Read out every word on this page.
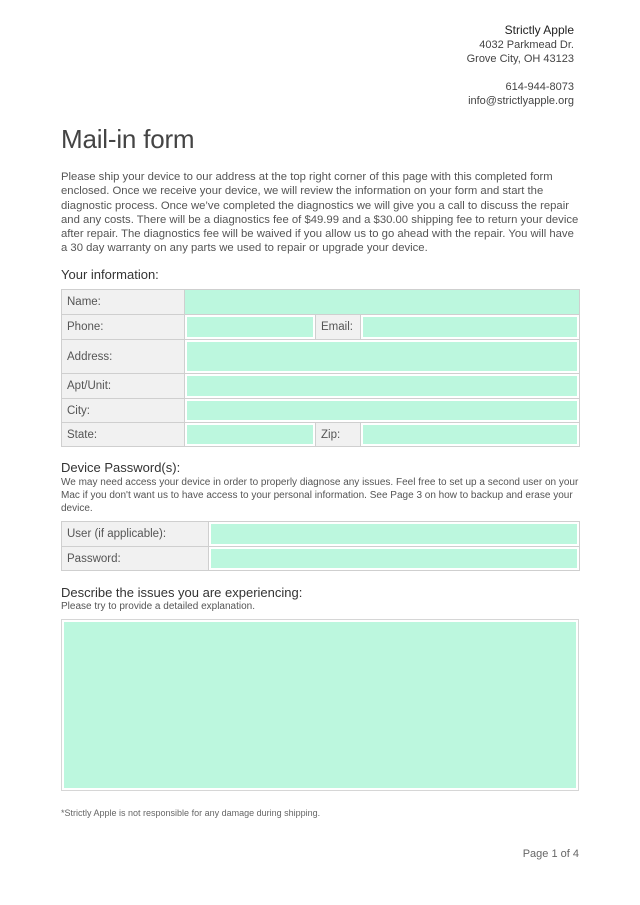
Strictly Apple
4032 Parkmead Dr.
Grove City, OH 43123
614-944-8073
info@strictlyapple.org
Mail-in form

Please ship your device to our address at the top right corner of this page with this completed form enclosed. Once we receive your device, we will review the information on your form and start the diagnostic process. Once we’ve completed the diagnostics we will give you a call to discuss the repair and any costs. There will be a diagnostics fee of $49.99 and a $30.00 shipping fee to return your device after repair. The diagnostics fee will be waived if you allow us to go ahead with the repair. You will have a 30 day warranty on any parts we used to repair or upgrade your device.

Your information:
Name:			
Phone:		Email:	
Address:			
Apt/Unit:			
City:			
State:		Zip:	
Device Password(s):

We may need access your device in order to properly diagnose any issues. Feel free to set up a second user on your Mac if you don't want us to have access to your personal information. See Page 3 on how to backup and erase your device.

User (if applicable):	
Password:	
Describe the issues you are experiencing:

Please try to provide a detailed explanation.

*Strictly Apple is not responsible for any damage during shipping.
Page 1 of 4
